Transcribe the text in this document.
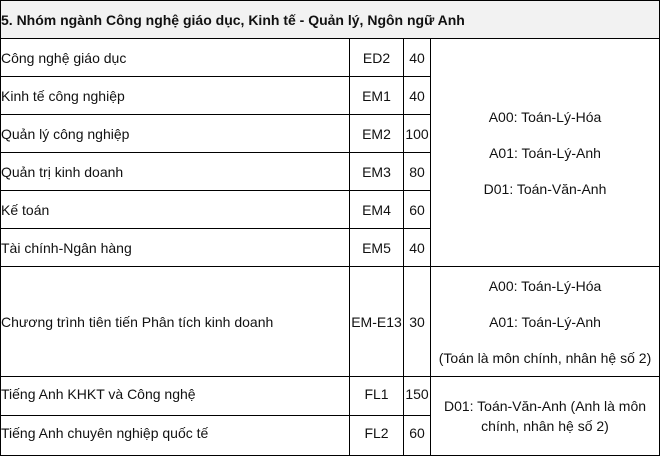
5. Nhóm ngành Công nghệ giáo dục, Kinh tế - Quản lý, Ngôn ngữ Anh			
Công nghệ giáo dục	ED2	40	A00: Toán-Lý-Hóa
A01: Toán-Lý-Anh
D01: Toán-Văn-Anh

Kinh tế công nghiệp	EM1	40	
Quản lý công nghiệp	EM2	100	
Quản trị kinh doanh	EM3	80	
Kế toán	EM4	60	
Tài chính-Ngân hàng	EM5	40	
Chương trình tiên tiến Phân tích kinh doanh	EM-E13	30	A00: Toán-Lý-Hóa
A01: Toán-Lý-Anh
(Toán là môn chính, nhân hệ số 2)

Tiếng Anh KHKT và Công nghệ	FL1	150	D01: Toán-Văn-Anh (Anh là môn
chính, nhân hệ số 2)

Tiếng Anh chuyên nghiệp quốc tế	FL2	60	
